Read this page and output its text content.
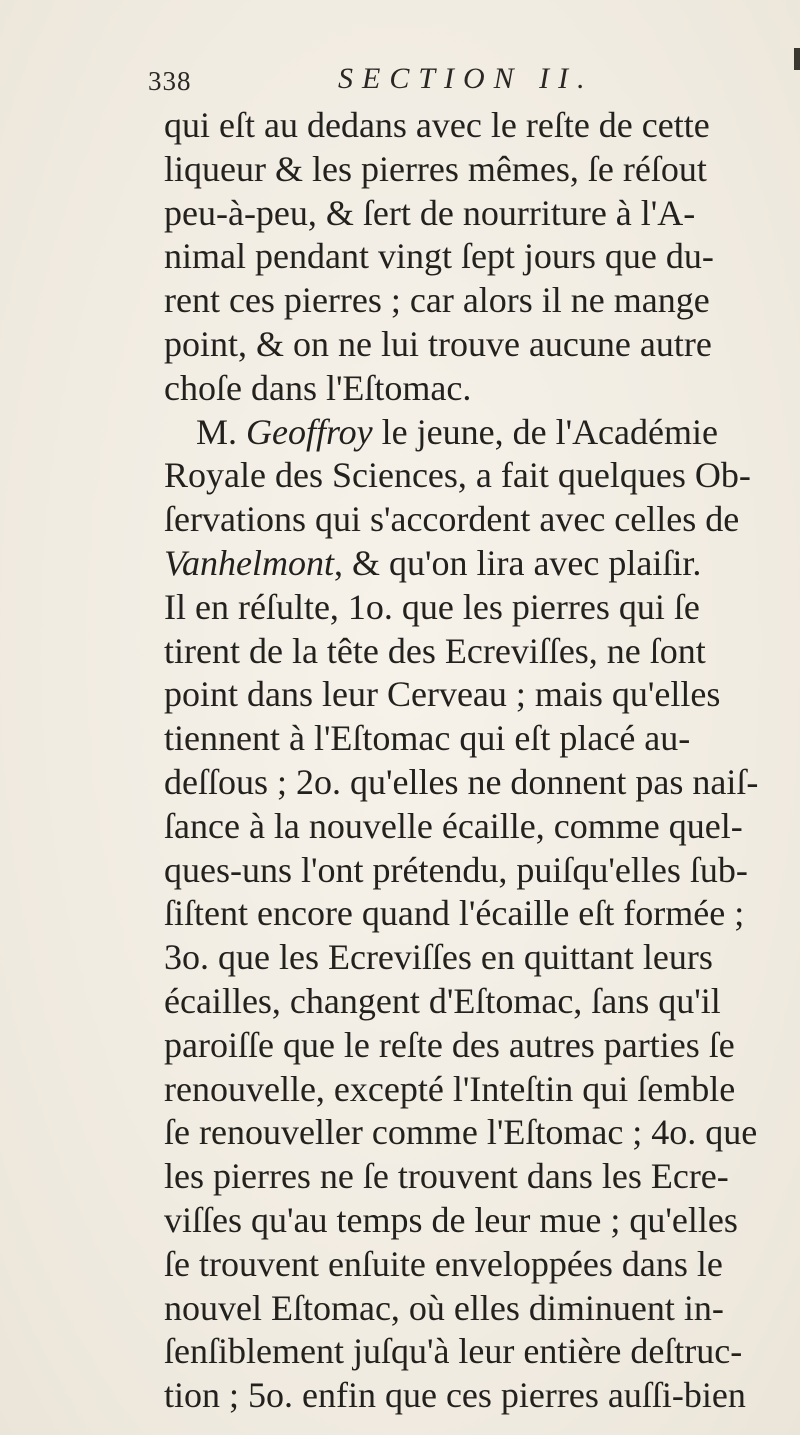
338	SECTION II.
qui eſt au dedans avec le reſte de cette
liqueur & les pierres mêmes, ſe réſout
peu-à-peu, & ſert de nourriture à l'A-
nimal pendant vingt ſept jours que du-
rent ces pierres ; car alors il ne mange
point, & on ne lui trouve aucune autre
choſe dans l'Eſtomac.
M. Geoffroy le jeune, de l'Académie
Royale des Sciences, a fait quelques Ob-
ſervations qui s'accordent avec celles de
Vanhelmont, & qu'on lira avec plaiſir.
Il en réſulte, 1o. que les pierres qui ſe
tirent de la tête des Ecreviſſes, ne ſont
point dans leur Cerveau ; mais qu'elles
tiennent à l'Eſtomac qui eſt placé au-
deſſous ; 2o. qu'elles ne donnent pas naiſ-
ſance à la nouvelle écaille, comme quel-
ques-uns l'ont prétendu, puiſqu'elles ſub-
ſiſtent encore quand l'écaille eſt formée ;
3o. que les Ecreviſſes en quittant leurs
écailles, changent d'Eſtomac, ſans qu'il
paroiſſe que le reſte des autres parties ſe
renouvelle, excepté l'Inteſtin qui ſemble
ſe renouveller comme l'Eſtomac ; 4o. que
les pierres ne ſe trouvent dans les Ecre-
viſſes qu'au temps de leur mue ; qu'elles
ſe trouvent enſuite enveloppées dans le
nouvel Eſtomac, où elles diminuent in-
ſenſiblement juſqu'à leur entière deſtruc-
tion ; 5o. enfin que ces pierres auſſi-bien
